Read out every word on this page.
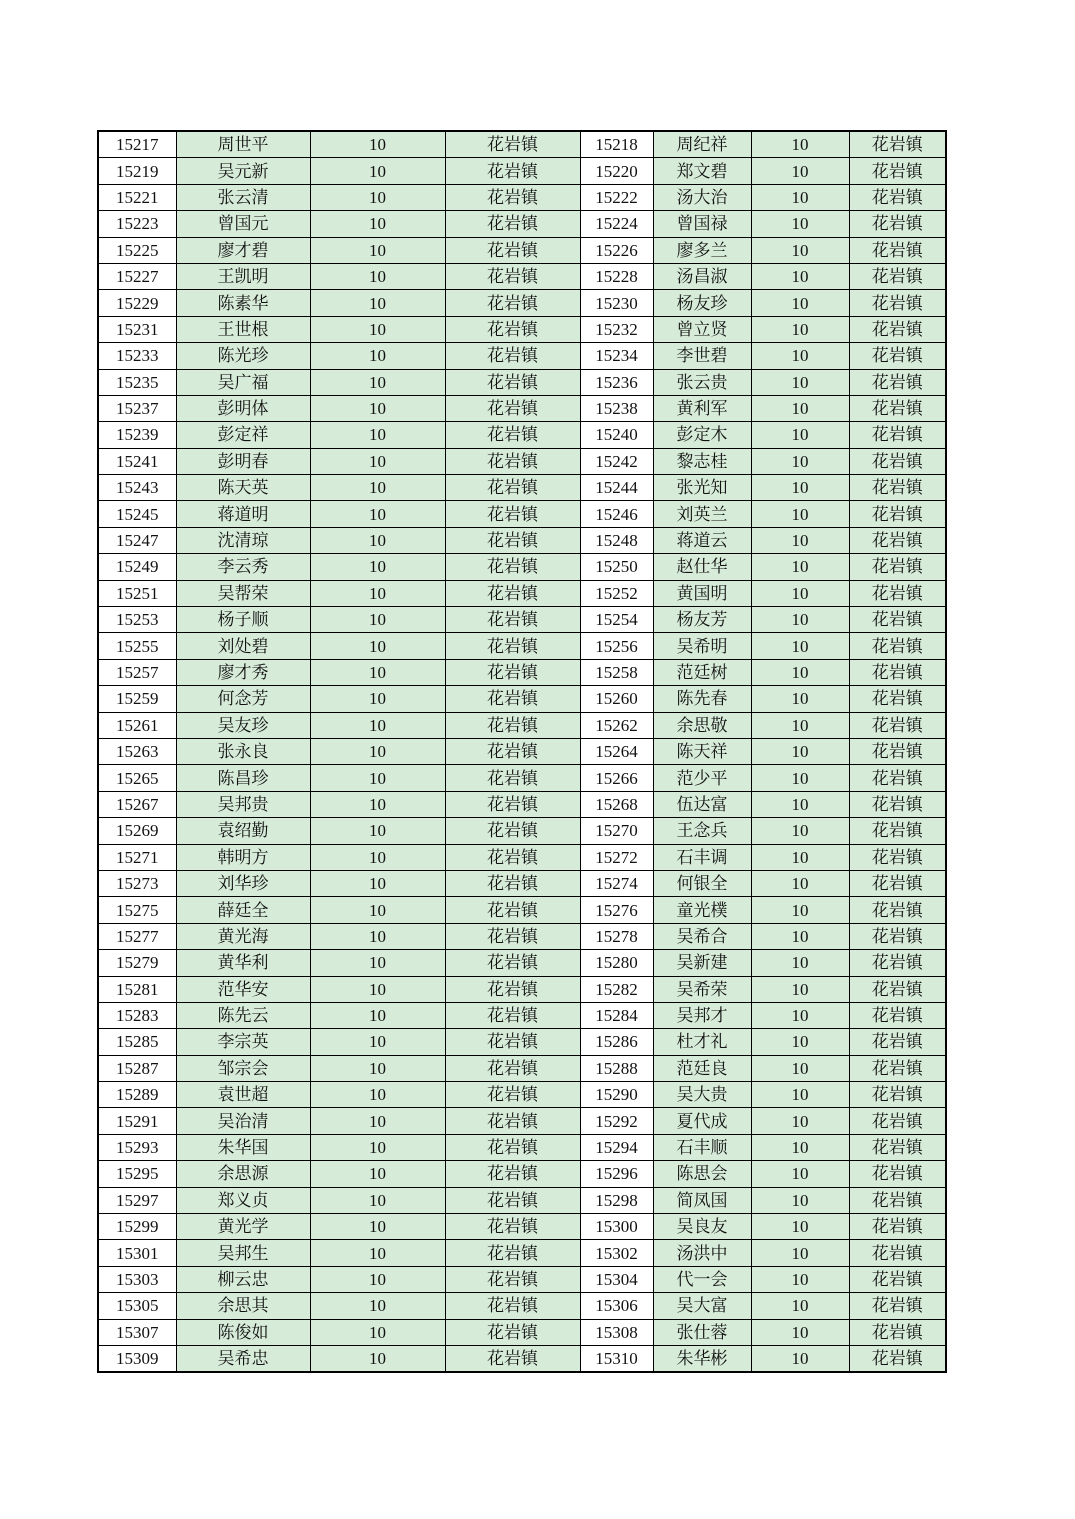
15217	周世平	10	花岩镇	15218	周纪祥	10	花岩镇
15219	吴元新	10	花岩镇	15220	郑文碧	10	花岩镇
15221	张云清	10	花岩镇	15222	汤大治	10	花岩镇
15223	曾国元	10	花岩镇	15224	曾国禄	10	花岩镇
15225	廖才碧	10	花岩镇	15226	廖多兰	10	花岩镇
15227	王凯明	10	花岩镇	15228	汤昌淑	10	花岩镇
15229	陈素华	10	花岩镇	15230	杨友珍	10	花岩镇
15231	王世根	10	花岩镇	15232	曾立贤	10	花岩镇
15233	陈光珍	10	花岩镇	15234	李世碧	10	花岩镇
15235	吴广福	10	花岩镇	15236	张云贵	10	花岩镇
15237	彭明体	10	花岩镇	15238	黄利军	10	花岩镇
15239	彭定祥	10	花岩镇	15240	彭定木	10	花岩镇
15241	彭明春	10	花岩镇	15242	黎志桂	10	花岩镇
15243	陈天英	10	花岩镇	15244	张光知	10	花岩镇
15245	蒋道明	10	花岩镇	15246	刘英兰	10	花岩镇
15247	沈清琼	10	花岩镇	15248	蒋道云	10	花岩镇
15249	李云秀	10	花岩镇	15250	赵仕华	10	花岩镇
15251	吴帮荣	10	花岩镇	15252	黄国明	10	花岩镇
15253	杨子顺	10	花岩镇	15254	杨友芳	10	花岩镇
15255	刘处碧	10	花岩镇	15256	吴希明	10	花岩镇
15257	廖才秀	10	花岩镇	15258	范廷树	10	花岩镇
15259	何念芳	10	花岩镇	15260	陈先春	10	花岩镇
15261	吴友珍	10	花岩镇	15262	余思敬	10	花岩镇
15263	张永良	10	花岩镇	15264	陈天祥	10	花岩镇
15265	陈昌珍	10	花岩镇	15266	范少平	10	花岩镇
15267	吴邦贵	10	花岩镇	15268	伍达富	10	花岩镇
15269	袁绍勤	10	花岩镇	15270	王念兵	10	花岩镇
15271	韩明方	10	花岩镇	15272	石丰调	10	花岩镇
15273	刘华珍	10	花岩镇	15274	何银全	10	花岩镇
15275	薛廷全	10	花岩镇	15276	童光樸	10	花岩镇
15277	黄光海	10	花岩镇	15278	吴希合	10	花岩镇
15279	黄华利	10	花岩镇	15280	吴新建	10	花岩镇
15281	范华安	10	花岩镇	15282	吴希荣	10	花岩镇
15283	陈先云	10	花岩镇	15284	吴邦才	10	花岩镇
15285	李宗英	10	花岩镇	15286	杜才礼	10	花岩镇
15287	邹宗会	10	花岩镇	15288	范廷良	10	花岩镇
15289	袁世超	10	花岩镇	15290	吴大贵	10	花岩镇
15291	吴治清	10	花岩镇	15292	夏代成	10	花岩镇
15293	朱华国	10	花岩镇	15294	石丰顺	10	花岩镇
15295	余思源	10	花岩镇	15296	陈思会	10	花岩镇
15297	郑义贞	10	花岩镇	15298	简凤国	10	花岩镇
15299	黄光学	10	花岩镇	15300	吴良友	10	花岩镇
15301	吴邦生	10	花岩镇	15302	汤洪中	10	花岩镇
15303	柳云忠	10	花岩镇	15304	代一会	10	花岩镇
15305	余思其	10	花岩镇	15306	吴大富	10	花岩镇
15307	陈俊如	10	花岩镇	15308	张仕蓉	10	花岩镇
15309	吴希忠	10	花岩镇	15310	朱华彬	10	花岩镇
